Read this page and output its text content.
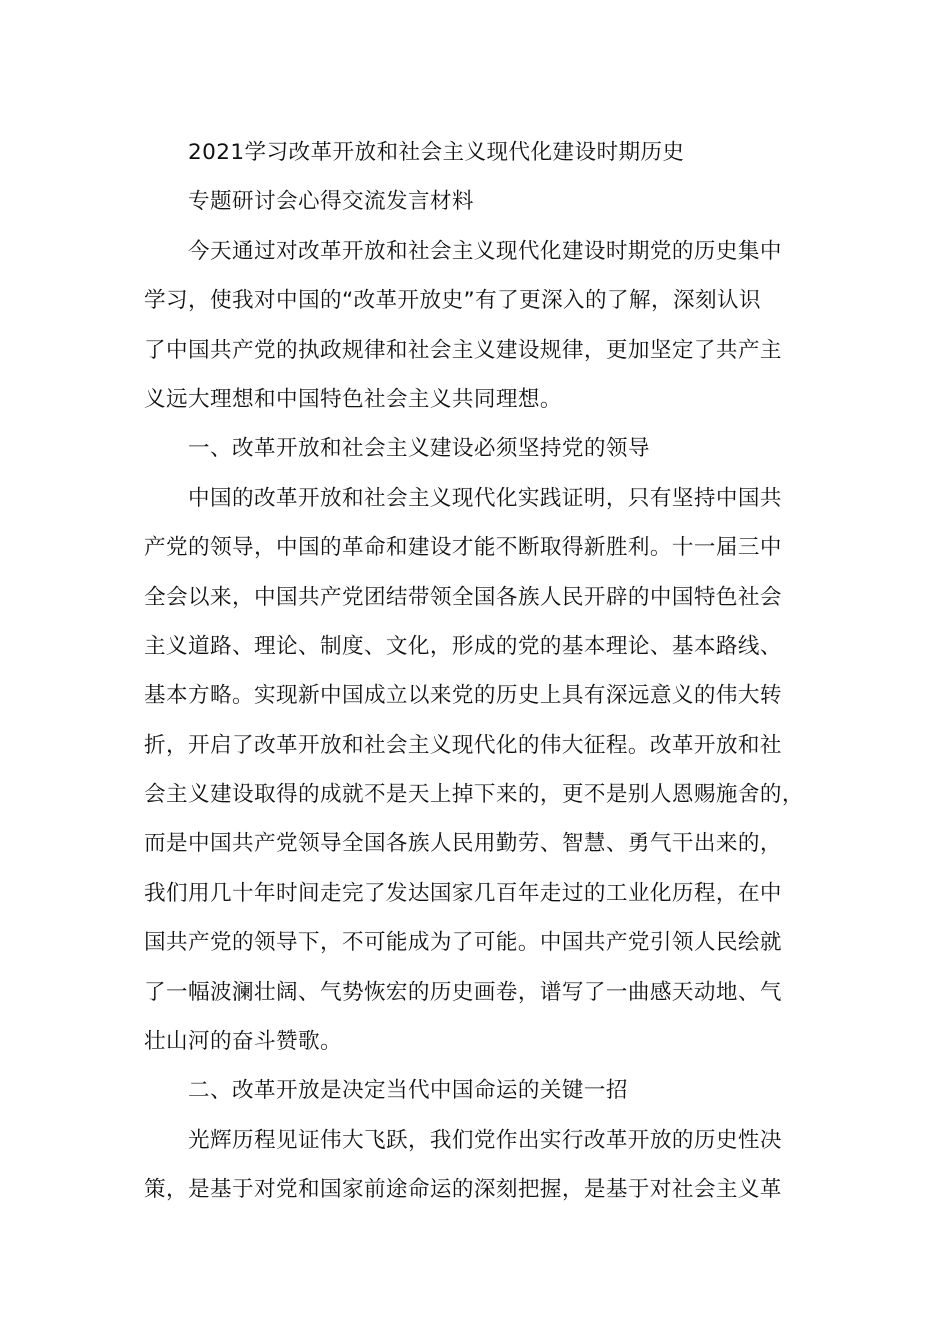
2021学习改革开放和社会主义现代化建设时期历史
专题研讨会心得交流发言材料
今天通过对改革开放和社会主义现代化建设时期党的历史集中
学习，使我对中国的“改革开放史”有了更深入的了解，深刻认识
了中国共产党的执政规律和社会主义建设规律，更加坚定了共产主
义远大理想和中国特色社会主义共同理想。
一、改革开放和社会主义建设必须坚持党的领导
中国的改革开放和社会主义现代化实践证明，只有坚持中国共
产党的领导，中国的革命和建设才能不断取得新胜利。十一届三中
全会以来，中国共产党团结带领全国各族人民开辟的中国特色社会
主义道路、理论、制度、文化，形成的党的基本理论、基本路线、
基本方略。实现新中国成立以来党的历史上具有深远意义的伟大转
折，开启了改革开放和社会主义现代化的伟大征程。改革开放和社
会主义建设取得的成就不是天上掉下来的，更不是别人恩赐施舍的，
而是中国共产党领导全国各族人民用勤劳、智慧、勇气干出来的，
我们用几十年时间走完了发达国家几百年走过的工业化历程，在中
国共产党的领导下，不可能成为了可能。中国共产党引领人民绘就
了一幅波澜壮阔、气势恢宏的历史画卷，谱写了一曲感天动地、气
壮山河的奋斗赞歌。
二、改革开放是决定当代中国命运的关键一招
光辉历程见证伟大飞跃，我们党作出实行改革开放的历史性决
策，是基于对党和国家前途命运的深刻把握，是基于对社会主义革
